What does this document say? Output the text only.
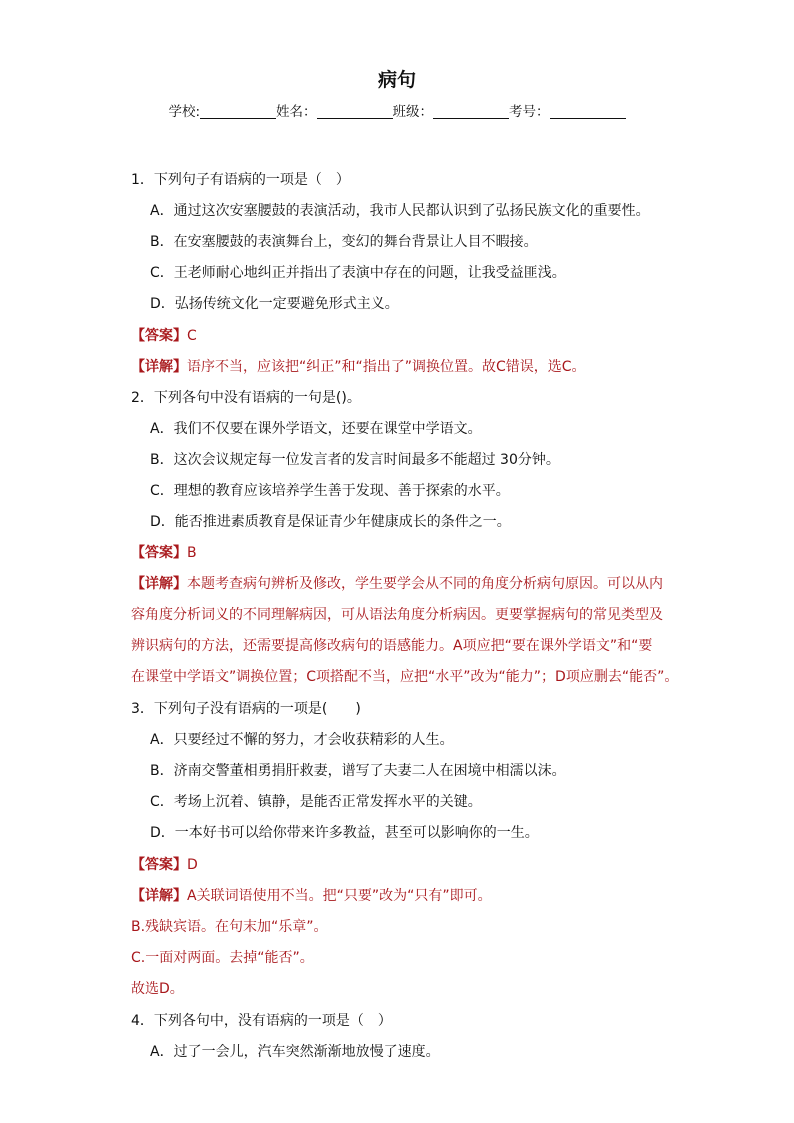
病句
学校:	姓名：	班级：	考号：
1．下列句子有语病的一项是（　）
A．通过这次安塞腰鼓的表演活动，我市人民都认识到了弘扬民族文化的重要性。
B．在安塞腰鼓的表演舞台上，变幻的舞台背景让人目不暇接。
C．王老师耐心地纠正并指出了表演中存在的问题，让我受益匪浅。
D．弘扬传统文化一定要避免形式主义。
【答案】C
【详解】语序不当，应该把“纠正”和“指出了”调换位置。故C错误，选C。
2．下列各句中没有语病的一句是()。
A．我们不仅要在课外学语文，还要在课堂中学语文。
B．这次会议规定每一位发言者的发言时间最多不能超过 30分钟。
C．理想的教育应该培养学生善于发现、善于探索的水平。
D．能否推进素质教育是保证青少年健康成长的条件之一。
【答案】B
【详解】本题考查病句辨析及修改，学生要学会从不同的角度分析病句原因。可以从内
容角度分析词义的不同理解病因，可从语法角度分析病因。更要掌握病句的常见类型及
辨识病句的方法，还需要提高修改病句的语感能力。A项应把“要在课外学语文”和“要
在课堂中学语文”调换位置；C项搭配不当，应把“水平”改为“能力”；D项应删去“能否”。
3．下列句子没有语病的一项是(　　)
A．只要经过不懈的努力，才会收获精彩的人生。
B．济南交警董相勇捐肝救妻，谱写了夫妻二人在困境中相濡以沫。
C．考场上沉着、镇静，是能否正常发挥水平的关键。
D．一本好书可以给你带来许多教益，甚至可以影响你的一生。
【答案】D
【详解】A关联词语使用不当。把“只要”改为“只有”即可。
B.残缺宾语。在句末加“乐章”。
C.一面对两面。去掉“能否”。
故选D。
4．下列各句中，没有语病的一项是（　）
A．过了一会儿，汽车突然渐渐地放慢了速度。
